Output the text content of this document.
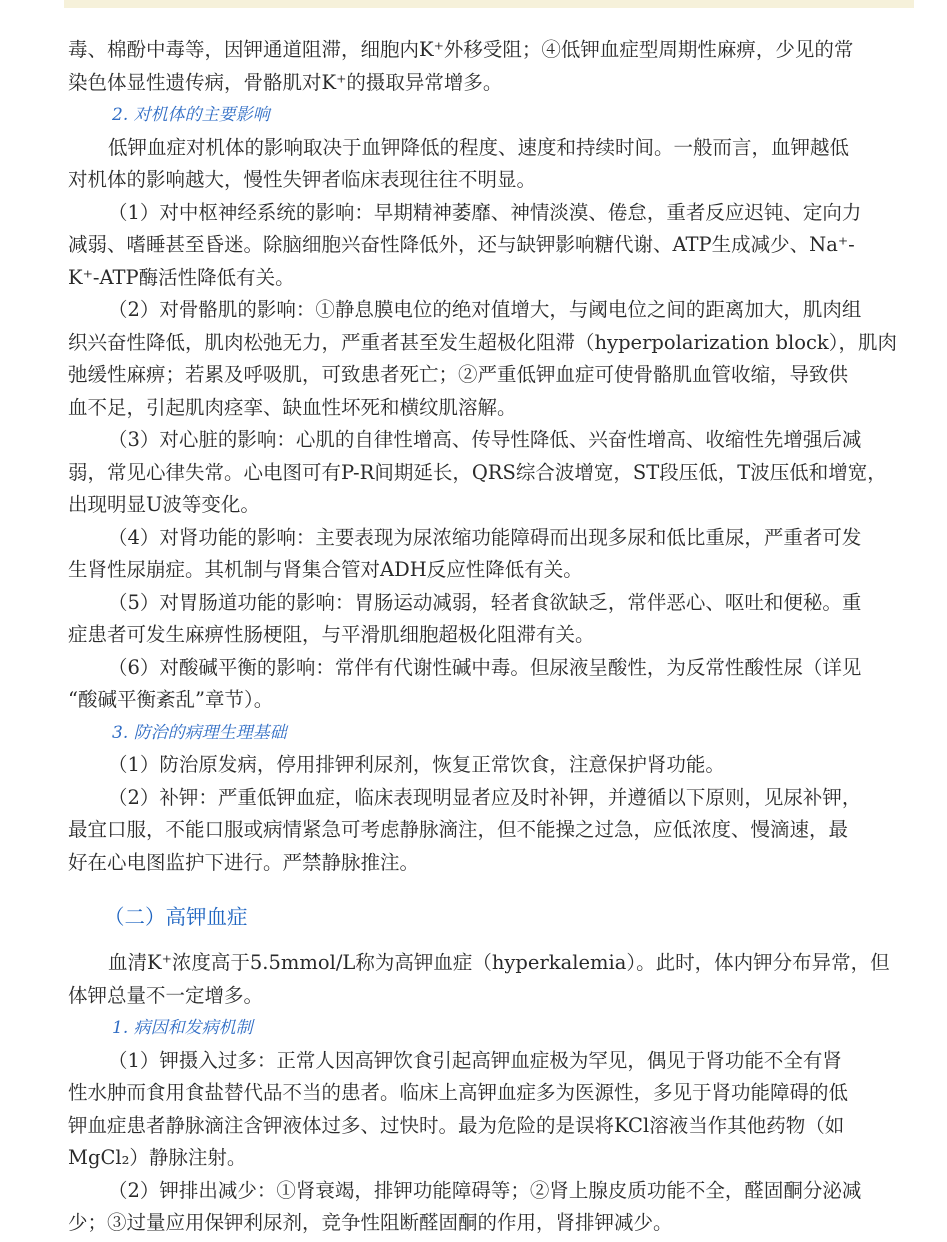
毒、棉酚中毒等，因钾通道阻滞，细胞内K⁺外移受阻；④低钾血症型周期性麻痹，少见的常
染色体显性遗传病，骨骼肌对K⁺的摄取异常增多。
2. 对机体的主要影响
低钾血症对机体的影响取决于血钾降低的程度、速度和持续时间。一般而言，血钾越低
对机体的影响越大，慢性失钾者临床表现往往不明显。
（1）对中枢神经系统的影响：早期精神萎靡、神情淡漠、倦怠，重者反应迟钝、定向力
减弱、嗜睡甚至昏迷。除脑细胞兴奋性降低外，还与缺钾影响糖代谢、ATP生成减少、Na⁺-
K⁺-ATP酶活性降低有关。
（2）对骨骼肌的影响：①静息膜电位的绝对值增大，与阈电位之间的距离加大，肌肉组
织兴奋性降低，肌肉松弛无力，严重者甚至发生超极化阻滞（hyperpolarization block），肌肉
弛缓性麻痹；若累及呼吸肌，可致患者死亡；②严重低钾血症可使骨骼肌血管收缩，导致供
血不足，引起肌肉痉挛、缺血性坏死和横纹肌溶解。
（3）对心脏的影响：心肌的自律性增高、传导性降低、兴奋性增高、收缩性先增强后减
弱，常见心律失常。心电图可有P-R间期延长，QRS综合波增宽，ST段压低，T波压低和增宽，
出现明显U波等变化。
（4）对肾功能的影响：主要表现为尿浓缩功能障碍而出现多尿和低比重尿，严重者可发
生肾性尿崩症。其机制与肾集合管对ADH反应性降低有关。
（5）对胃肠道功能的影响：胃肠运动减弱，轻者食欲缺乏，常伴恶心、呕吐和便秘。重
症患者可发生麻痹性肠梗阻，与平滑肌细胞超极化阻滞有关。
（6）对酸碱平衡的影响：常伴有代谢性碱中毒。但尿液呈酸性，为反常性酸性尿（详见
“酸碱平衡紊乱”章节）。
3. 防治的病理生理基础
（1）防治原发病，停用排钾利尿剂，恢复正常饮食，注意保护肾功能。
（2）补钾：严重低钾血症，临床表现明显者应及时补钾，并遵循以下原则，见尿补钾，
最宜口服，不能口服或病情紧急可考虑静脉滴注，但不能操之过急，应低浓度、慢滴速，最
好在心电图监护下进行。严禁静脉推注。
（二）高钾血症
血清K⁺浓度高于5.5mmol/L称为高钾血症（hyperkalemia）。此时，体内钾分布异常，但
体钾总量不一定增多。
1. 病因和发病机制
（1）钾摄入过多：正常人因高钾饮食引起高钾血症极为罕见，偶见于肾功能不全有肾
性水肿而食用食盐替代品不当的患者。临床上高钾血症多为医源性，多见于肾功能障碍的低
钾血症患者静脉滴注含钾液体过多、过快时。最为危险的是误将KCl溶液当作其他药物（如
MgCl₂）静脉注射。
（2）钾排出减少：①肾衰竭，排钾功能障碍等；②肾上腺皮质功能不全，醛固酮分泌减
少；③过量应用保钾利尿剂，竞争性阻断醛固酮的作用，肾排钾减少。
